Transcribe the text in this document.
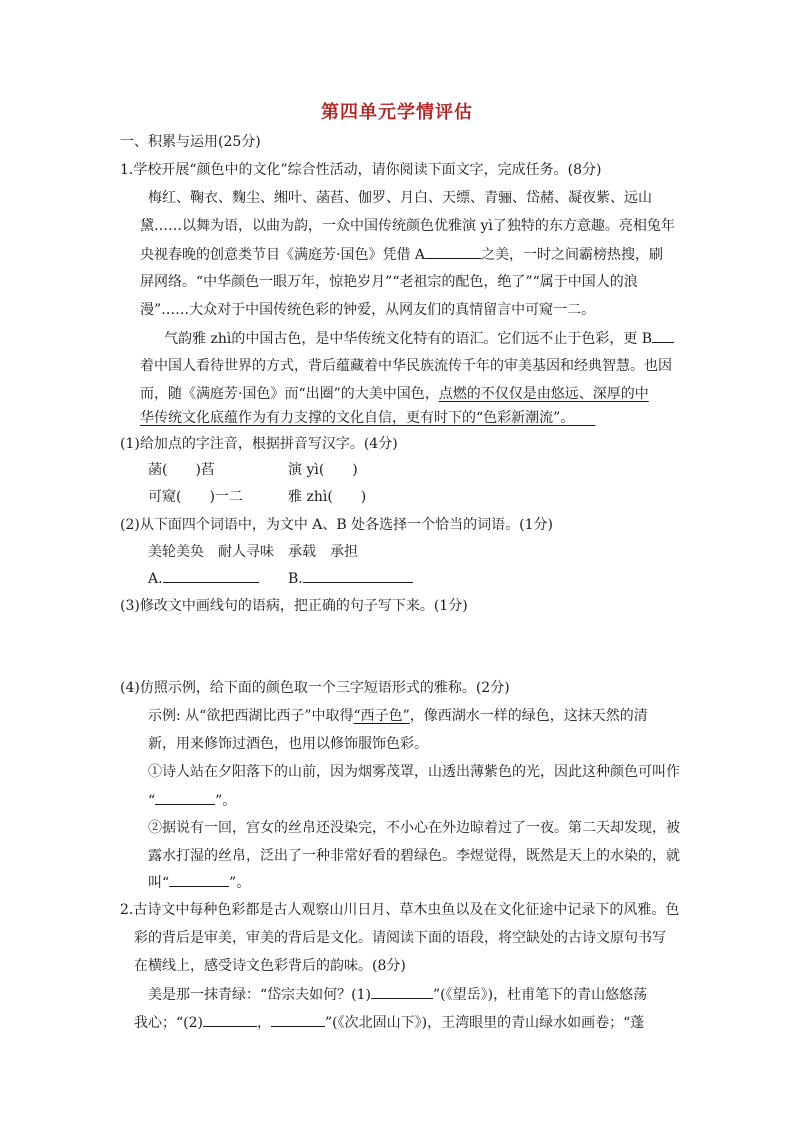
第四单元学情评估
一、积累与运用(25分)
1.学校开展“颜色中的文化”综合性活动，请你阅读下面文字，完成任务。(8分)
梅红、鞠衣、麴尘、缃叶、菡萏、伽罗、月白、天缥、青骊、岱赭、凝夜紫、远山
黛……以舞为语，以曲为韵，一众中国传统颜色优雅演 yì了独特的东方意趣。亮相兔年
央视春晚的创意类节目《满庭芳·国色》凭借 A	之美，一时之间霸榜热搜，刷
屏网络。“中华颜色一眼万年，惊艳岁月”“老祖宗的配色，绝了”“属于中国人的浪
漫”……大众对于中国传统色彩的钟爱，从网友们的真情留言中可窥一二。
气韵雅 zhì的中国古色，是中华传统文化特有的语汇。它们远不止于色彩，更 B
着中国人看待世界的方式，背后蕴藏着中华民族流传千年的审美基因和经典智慧。也因
而，随《满庭芳·国色》而“出圈”的大美中国色，点燃的不仅仅是由悠远、深厚的中
华传统文化底蕴作为有力支撑的文化自信，更有时下的“色彩新潮流”。　　
(1)给加点的字注音，根据拼音写汉字。(4分)
菡(　　)萏	演 yì(　　)
可窥(　　)一二	雅 zhì(　　)
(2)从下面四个词语中，为文中 A、B 处各选择一个恰当的词语。(1分)
美轮美奂　耐人寻味　承载　承担
A.	B.
(3)修改文中画线句的语病，把正确的句子写下来。(1分)
(4)仿照示例，给下面的颜色取一个三字短语形式的雅称。(2分)
示例: 从“欲把西湖比西子”中取得“西子色”，像西湖水一样的绿色，这抹天然的清
新，用来修饰过酒色，也用以修饰服饰色彩。
①诗人站在夕阳落下的山前，因为烟雾茂罩，山透出薄紫色的光，因此这种颜色可叫作
“	”。
②据说有一回，宫女的丝帛还没染完，不小心在外边晾着过了一夜。第二天却发现，被
露水打湿的丝帛，泛出了一种非常好看的碧绿色。李煜觉得，既然是天上的水染的，就
叫“	”。
2.古诗文中每种色彩都是古人观察山川日月、草木虫鱼以及在文化征途中记录下的风雅。色
彩的背后是审美，审美的背后是文化。请阅读下面的语段，将空缺处的古诗文原句书写
在横线上，感受诗文色彩背后的韵味。(8分)
美是那一抹青绿：“岱宗夫如何？(1)	”(《望岳》)，杜甫笔下的青山悠悠荡
我心；“(2)	，	”(《次北固山下》)，王湾眼里的青山绿水如画卷；“蓬
